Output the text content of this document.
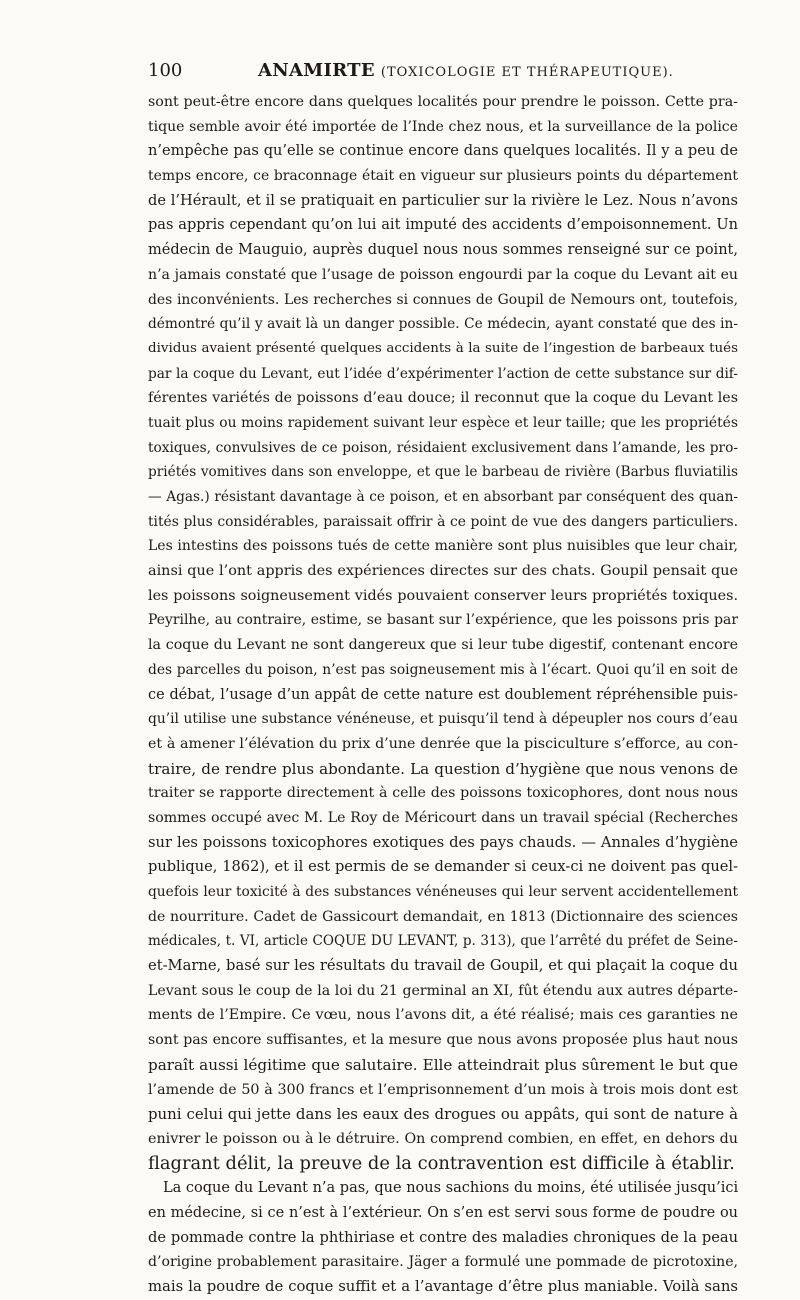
100	ANAMIRTE (TOXICOLOGIE ET THÉRAPEUTIQUE).
sont peut-être encore dans quelques localités pour prendre le poisson. Cette pra-
tique semble avoir été importée de l’Inde chez nous, et la surveillance de la police
n’empêche pas qu’elle se continue encore dans quelques localités. Il y a peu de
temps encore, ce braconnage était en vigueur sur plusieurs points du département
de l’Hérault, et il se pratiquait en particulier sur la rivière le Lez. Nous n’avons
pas appris cependant qu’on lui ait imputé des accidents d’empoisonnement. Un
médecin de Mauguio, auprès duquel nous nous sommes renseigné sur ce point,
n’a jamais constaté que l’usage de poisson engourdi par la coque du Levant ait eu
des inconvénients. Les recherches si connues de Goupil de Nemours ont, toutefois,
démontré qu’il y avait là un danger possible. Ce médecin, ayant constaté que des in-
dividus avaient présenté quelques accidents à la suite de l’ingestion de barbeaux tués
par la coque du Levant, eut l’idée d’expérimenter l’action de cette substance sur dif-
férentes variétés de poissons d’eau douce; il reconnut que la coque du Levant les
tuait plus ou moins rapidement suivant leur espèce et leur taille; que les propriétés
toxiques, convulsives de ce poison, résidaient exclusivement dans l’amande, les pro-
priétés vomitives dans son enveloppe, et que le barbeau de rivière (Barbus fluviatilis
— Agas.) résistant davantage à ce poison, et en absorbant par conséquent des quan-
tités plus considérables, paraissait offrir à ce point de vue des dangers particuliers.
Les intestins des poissons tués de cette manière sont plus nuisibles que leur chair,
ainsi que l’ont appris des expériences directes sur des chats. Goupil pensait que
les poissons soigneusement vidés pouvaient conserver leurs propriétés toxiques.
Peyrilhe, au contraire, estime, se basant sur l’expérience, que les poissons pris par
la coque du Levant ne sont dangereux que si leur tube digestif, contenant encore
des parcelles du poison, n’est pas soigneusement mis à l’écart. Quoi qu’il en soit de
ce débat, l’usage d’un appât de cette nature est doublement répréhensible puis-
qu’il utilise une substance vénéneuse, et puisqu’il tend à dépeupler nos cours d’eau
et à amener l’élévation du prix d’une denrée que la pisciculture s’efforce, au con-
traire, de rendre plus abondante. La question d’hygiène que nous venons de
traiter se rapporte directement à celle des poissons toxicophores, dont nous nous
sommes occupé avec M. Le Roy de Méricourt dans un travail spécial (Recherches
sur les poissons toxicophores exotiques des pays chauds. — Annales d’hygiène
publique, 1862), et il est permis de se demander si ceux-ci ne doivent pas quel-
quefois leur toxicité à des substances vénéneuses qui leur servent accidentellement
de nourriture. Cadet de Gassicourt demandait, en 1813 (Dictionnaire des sciences
médicales, t. VI, article COQUE DU LEVANT, p. 313), que l’arrêté du préfet de Seine-
et-Marne, basé sur les résultats du travail de Goupil, et qui plaçait la coque du
Levant sous le coup de la loi du 21 germinal an XI, fût étendu aux autres départe-
ments de l’Empire. Ce vœu, nous l’avons dit, a été réalisé; mais ces garanties ne
sont pas encore suffisantes, et la mesure que nous avons proposée plus haut nous
paraît aussi légitime que salutaire. Elle atteindrait plus sûrement le but que
l’amende de 50 à 300 francs et l’emprisonnement d’un mois à trois mois dont est
puni celui qui jette dans les eaux des drogues ou appâts, qui sont de nature à
enivrer le poisson ou à le détruire. On comprend combien, en effet, en dehors du
flagrant délit, la preuve de la contravention est difficile à établir.
La coque du Levant n’a pas, que nous sachions du moins, été utilisée jusqu’ici
en médecine, si ce n’est à l’extérieur. On s’en est servi sous forme de poudre ou
de pommade contre la phthiriase et contre des maladies chroniques de la peau
d’origine probablement parasitaire. Jäger a formulé une pommade de picrotoxine,
mais la poudre de coque suffit et a l’avantage d’être plus maniable. Voilà sans
